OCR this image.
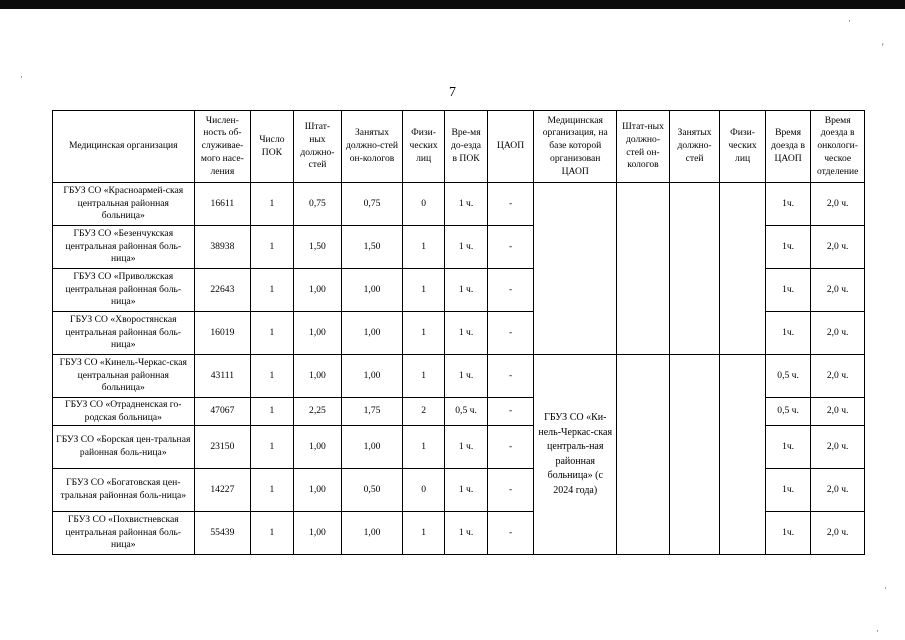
7
Медицинская организация	Числен-ность об-служивае-мого насе-ления	Число ПОК	Штат-ных должно-стей	Занятых должно-стей он-кологов	Физи-ческих лиц	Вре-мя до-езда в ПОК	ЦАОП	Медицинская организация, на базе которой организован ЦАОП	Штат-ных должно-стей он-кологов	Занятых должно-стей	Физи-ческих лиц	Время доезда в ЦАОП	Время доезда в онкологи-ческое отделение
ГБУЗ СО «Красноармей-ская центральная районная больница»	16611	1	0,75	0,75	0	1 ч.	-					1ч.	2,0 ч.
ГБУЗ СО «Безенчукская центральная районная боль-ница»	38938	1	1,50	1,50	1	1 ч.	-					1ч.	2,0 ч.
ГБУЗ СО «Приволжская центральная районная боль-ница»	22643	1	1,00	1,00	1	1 ч.	-					1ч.	2,0 ч.
ГБУЗ СО «Хворостянская центральная районная боль-ница»	16019	1	1,00	1,00	1	1 ч.	-					1ч.	2,0 ч.
ГБУЗ СО «Кинель-Черкас-ская центральная районная больница»	43111	1	1,00	1,00	1	1 ч.	-	ГБУЗ СО «Ки-нель-Черкас-ская централь-ная районная больница» (с 2024 года)				0,5 ч.	2,0 ч.
ГБУЗ СО «Отрадненская го-родская больница»	47067	1	2,25	1,75	2	0,5 ч.	-					0,5 ч.	2,0 ч.
ГБУЗ СО «Борская цен-тральная районная боль-ница»	23150	1	1,00	1,00	1	1 ч.	-					1ч.	2,0 ч.
ГБУЗ СО «Богатовская цен-тральная районная боль-ница»	14227	1	1,00	0,50	0	1 ч.	-					1ч.	2,0 ч.
ГБУЗ СО «Похвистневская центральная районная боль-ница»	55439	1	1,00	1,00	1	1 ч.	-					1ч.	2,0 ч.
·
'
·
·
·
